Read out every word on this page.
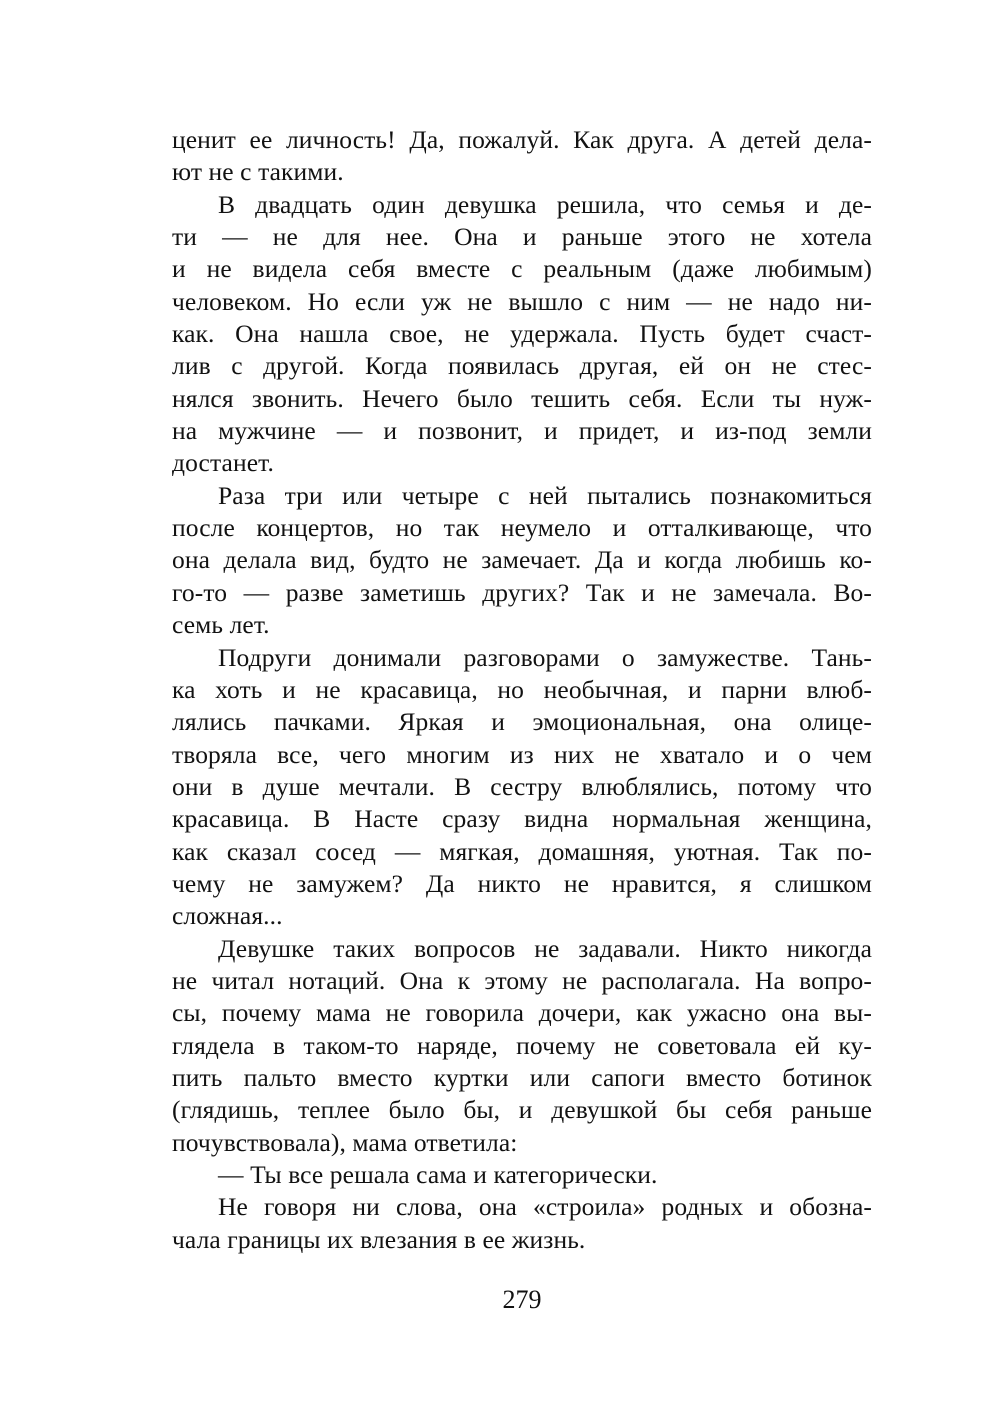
ценит ее личность! Да, пожалуй. Как друга. А детей дела-
ют не с такими.
В двадцать один девушка решила, что семья и де-
ти — не для нее. Она и раньше этого не хотела
и не видела себя вместе с реальным (даже любимым)
человеком. Но если уж не вышло с ним — не надо ни-
как. Она нашла свое, не удержала. Пусть будет счаст-
лив с другой. Когда появилась другая, ей он не стес-
нялся звонить. Нечего было тешить себя. Если ты нуж-
на мужчине — и позвонит, и придет, и из-под земли
достанет.
Раза три или четыре с ней пытались познакомиться
после концертов, но так неумело и отталкивающе, что
она делала вид, будто не замечает. Да и когда любишь ко-
го-то — разве заметишь других? Так и не замечала. Во-
семь лет.
Подруги донимали разговорами о замужестве. Тань-
ка хоть и не красавица, но необычная, и парни влюб-
лялись пачками. Яркая и эмоциональная, она олице-
творяла все, чего многим из них не хватало и о чем
они в душе мечтали. В сестру влюблялись, потому что
красавица. В Насте сразу видна нормальная женщина,
как сказал сосед — мягкая, домашняя, уютная. Так по-
чему не замужем? Да никто не нравится, я слишком
сложная...
Девушке таких вопросов не задавали. Никто никогда
не читал нотаций. Она к этому не располагала. На вопро-
сы, почему мама не говорила дочери, как ужасно она вы-
глядела в таком-то наряде, почему не советовала ей ку-
пить пальто вместо куртки или сапоги вместо ботинок
(глядишь, теплее было бы, и девушкой бы себя раньше
почувствовала), мама ответила:
— Ты все решала сама и категорически.
Не говоря ни слова, она «строила» родных и обозна-
чала границы их влезания в ее жизнь.
279
